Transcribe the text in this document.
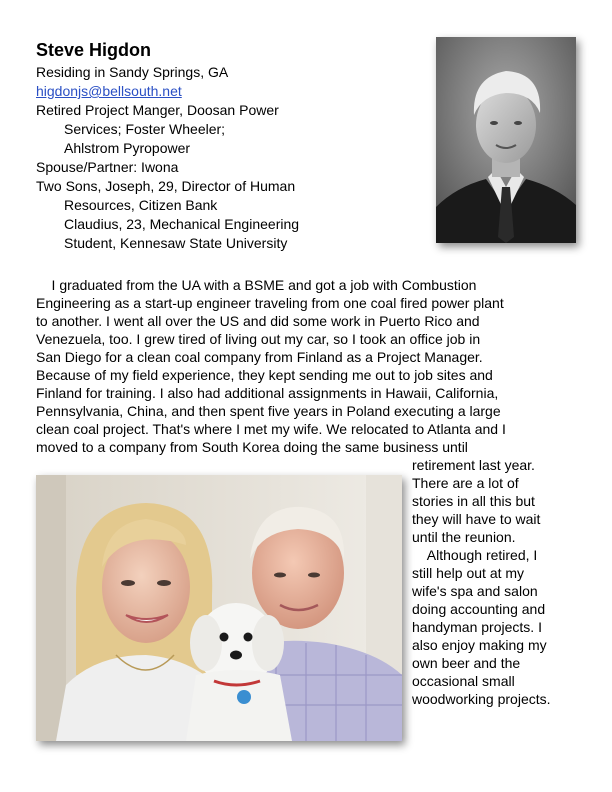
Steve Higdon
Residing in Sandy Springs, GA
higdonjs@bellsouth.net
Retired Project Manger, Doosan Power
Services; Foster Wheeler;
Ahlstrom Pyropower
Spouse/Partner: Iwona
Two Sons, Joseph, 29, Director of Human
Resources, Citizen Bank
Claudius, 23, Mechanical Engineering
Student, Kennesaw State University
I graduated from the UA with a BSME and got a job with Combustion
Engineering as a start-up engineer traveling from one coal fired power plant
to another. I went all over the US and did some work in Puerto Rico and
Venezuela, too. I grew tired of living out my car, so I took an office job in
San Diego for a clean coal company from Finland as a Project Manager.
Because of my field experience, they kept sending me out to job sites and
Finland for training. I also had additional assignments in Hawaii, California,
Pennsylvania, China, and then spent five years in Poland executing a large
clean coal project. That's where I met my wife. We relocated to Atlanta and I
moved to a company from South Korea doing the same business until
retirement last year.
There are a lot of
stories in all this but
they will have to wait
until the reunion.
Although retired, I
still help out at my
wife's spa and salon
doing accounting and
handyman projects. I
also enjoy making my
own beer and the
occasional small
woodworking projects.
